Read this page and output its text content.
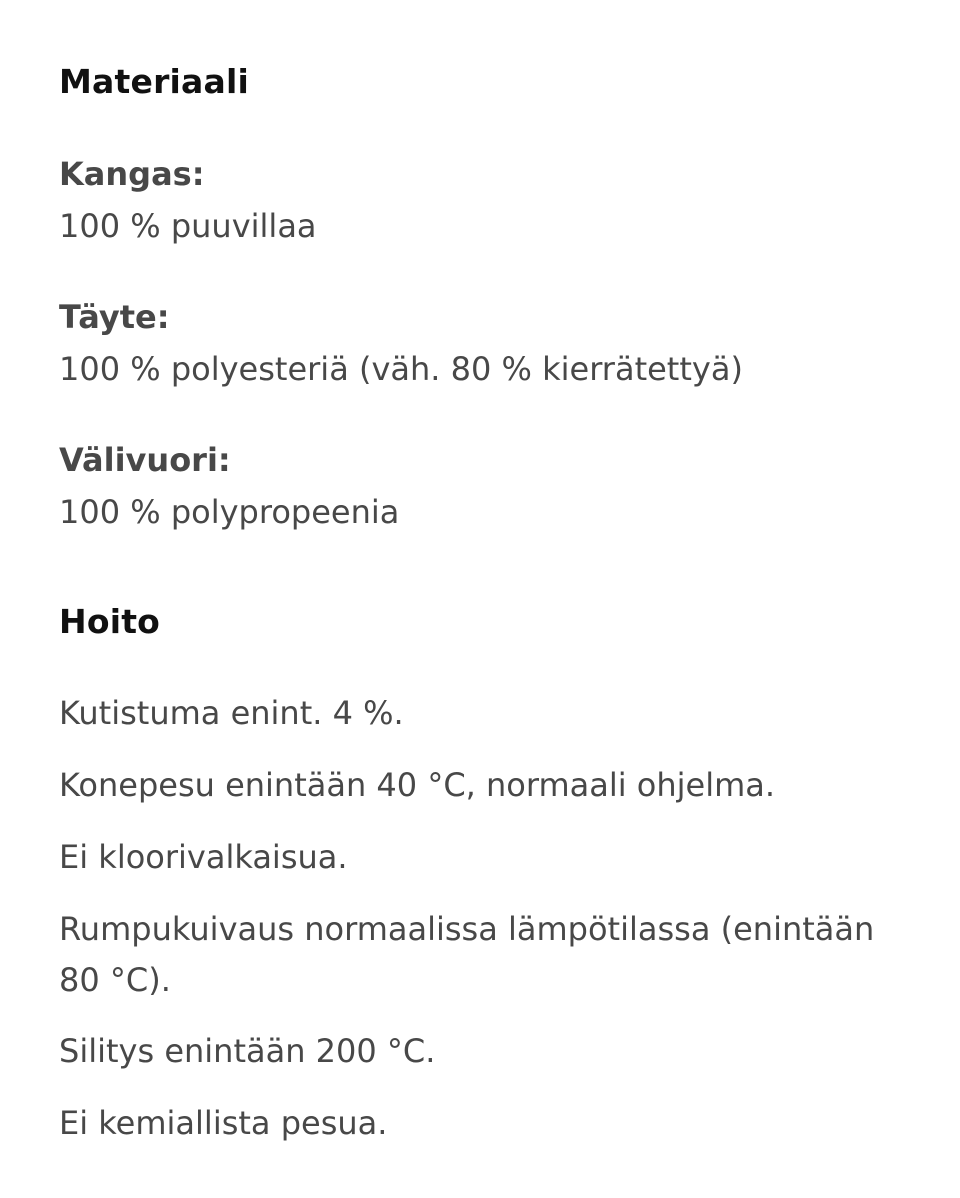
Materiaali
Kangas:
100 % puuvillaa
Täyte:
100 % polyesteriä (väh. 80 % kierrätettyä)
Välivuori:
100 % polypropeenia
Hoito
Kutistuma enint. 4 %.
Konepesu enintään 40 °C, normaali ohjelma.
Ei kloorivalkaisua.
Rumpukuivaus normaalissa lämpötilassa (enintään 80 °C).
Silitys enintään 200 °C.
Ei kemiallista pesua.
